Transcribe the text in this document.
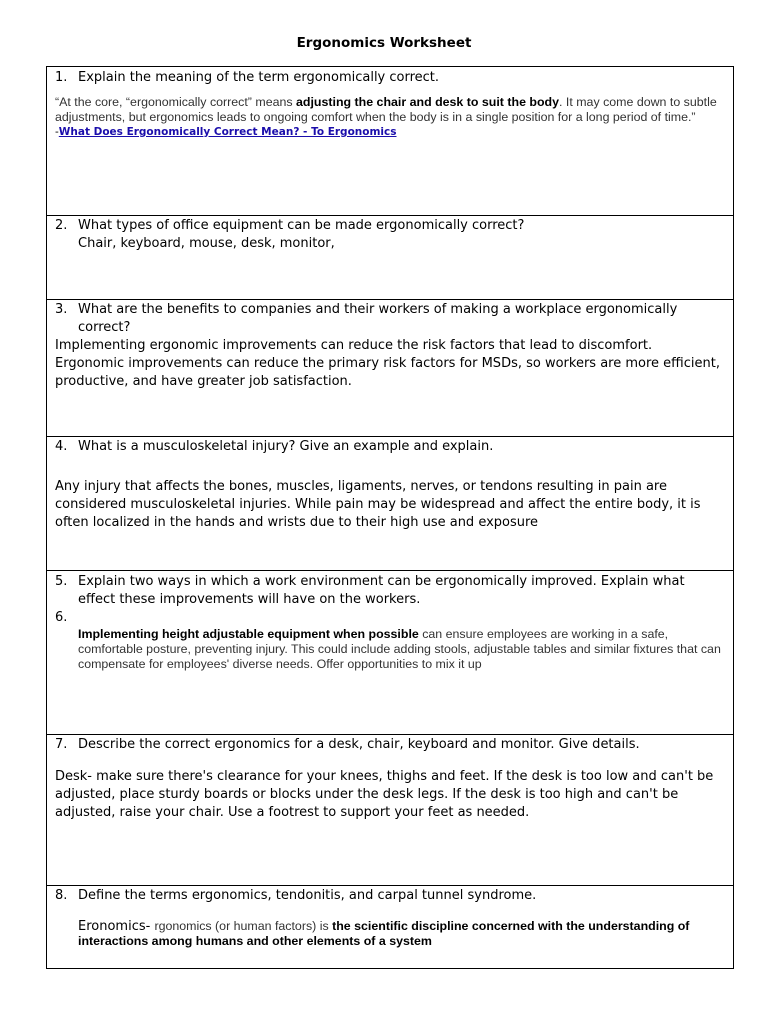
Ergonomics Worksheet
1. Explain the meaning of the term ergonomically correct.
“At the core, “ergonomically correct” means adjusting the chair and desk to suit the body. It may come down to subtle adjustments, but ergonomics leads to ongoing comfort when the body is in a single position for a long period of time.”
-What Does Ergonomically Correct Mean? - To Ergonomics
2. What types of office equipment can be made ergonomically correct?
Chair, keyboard, mouse, desk, monitor,
3. What are the benefits to companies and their workers of making a workplace ergonomically correct?
Implementing ergonomic improvements can reduce the risk factors that lead to discomfort. Ergonomic improvements can reduce the primary risk factors for MSDs, so workers are more efficient, productive, and have greater job satisfaction.
4. What is a musculoskeletal injury? Give an example and explain.
Any injury that affects the bones, muscles, ligaments, nerves, or tendons resulting in pain are considered musculoskeletal injuries. While pain may be widespread and affect the entire body, it is often localized in the hands and wrists due to their high use and exposure
5. Explain two ways in which a work environment can be ergonomically improved. Explain what effect these improvements will have on the workers.
6.
Implementing height adjustable equipment when possible can ensure employees are working in a safe, comfortable posture, preventing injury. This could include adding stools, adjustable tables and similar fixtures that can compensate for employees' diverse needs. Offer opportunities to mix it up
7. Describe the correct ergonomics for a desk, chair, keyboard and monitor. Give details.
Desk- make sure there's clearance for your knees, thighs and feet. If the desk is too low and can't be adjusted, place sturdy boards or blocks under the desk legs. If the desk is too high and can't be adjusted, raise your chair. Use a footrest to support your feet as needed.
8. Define the terms ergonomics, tendonitis, and carpal tunnel syndrome.
Eronomics- rgonomics (or human factors) is the scientific discipline concerned with the understanding of interactions among humans and other elements of a system
